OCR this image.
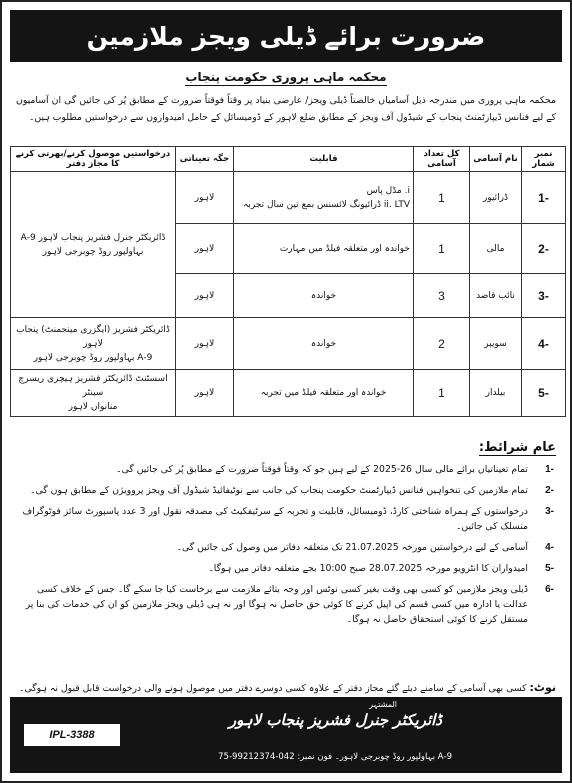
ضرورت برائے ڈیلی ویجز ملازمین
محکمہ ماہی پروری حکومت پنجاب
محکمہ ماہی پروری میں مندرجہ ذیل آسامیاں خالصتاً ڈیلی ویجز/ عارضی بنیاد پر وقتاً فوقتاً ضرورت کے مطابق پُر کی جائیں گی ان آسامیوں کے لیے فنانس ڈیپارٹمنٹ پنجاب کے شیڈول آف ویجز کے مطابق ضلع لاہور کے ڈومیسائل کے حامل امیدواروں سے درخواستیں مطلوب ہیں۔
نمبر شمار	نام آسامی	کل تعداد آسامی	قابلیت	جگہ تعیناتی	درخواستیں موصول کرنے/بھرتی کرنے کا مجاز دفتر
-1	ڈرائیور	1	i. مڈل پاس
ii. LTV ڈرائیونگ لائسنس بمع تین سال تجربہ	لاہور	ڈائریکٹر جنرل فشریز پنجاب لاہور 9-A
بہاولپور روڈ چوبرجی لاہور

-2	مالی	1	خواندہ اور متعلقہ فیلڈ میں مہارت	لاہور	
-3	نائب قاصد	3	خواندہ	لاہور	
-4	سویپر	2	خواندہ	لاہور	ڈائریکٹر فشریز (ایگزری مینجمنٹ) پنجاب لاہور
9-A بہاولپور روڈ چوبرجی لاہور

-5	بیلدار	1	خواندہ اور متعلقہ فیلڈ میں تجربہ	لاہور	اسسٹنٹ ڈائریکٹر فشریز ہیچری ریسرچ سینٹر
منانواں لاہور
عام شرائط:
-1
تمام تعیناتیاں برائے مالی سال 26-2025 کے لیے ہیں جو کہ وقتاً فوقتاً ضرورت کے مطابق پُر کی جائیں گی۔
-2
تمام ملازمین کی تنخواہیں فنانس ڈیپارٹمنٹ حکومت پنجاب کی جانب سے نوٹیفائیڈ شیڈول آف ویجز پروویژن کے مطابق ہوں گی۔
-3
درخواستوں کے ہمراہ شناختی کارڈ، ڈومیسائل، قابلیت و تجربہ کے سرٹیفکیٹ کی مصدقہ نقول اور 3 عدد پاسپورٹ سائز فوٹوگراف منسلک کی جائیں۔
-4
آسامی کے لیے درخواستیں مورخہ 21.07.2025 تک متعلقہ دفاتر میں وصول کی جائیں گی۔
-5
امیدواران کا انٹرویو مورخہ 28.07.2025 صبح 10:00 بجے متعلقہ دفاتر میں ہوگا۔
-6
ڈیلی ویجز ملازمین کو کسی بھی وقت بغیر کسی نوٹس اور وجہ بتائے ملازمت سے برخاست کیا جا سکے گا۔ جس کے خلاف کسی عدالت یا ادارہ میں کسی قسم کی اپیل کرنے کا کوئی حق حاصل نہ ہوگا اور نہ ہی ڈیلی ویجز ملازمین کو ان کی خدمات کی بنا پر مستقل کرنے کا کوئی استحقاق حاصل نہ ہوگا۔
نوٹ: کسی بھی آسامی کے سامنے دیئے گئے مجاز دفتر کے علاوہ کسی دوسرے دفتر میں موصول ہونے والی درخواست قابل قبول نہ ہوگی۔
IPL-3388
المشتہر
ڈائریکٹر جنرل فشریز پنجاب لاہور
9-A بہاولپور روڈ چوبرجی لاہور۔ فون نمبر: 042-99212374-75
